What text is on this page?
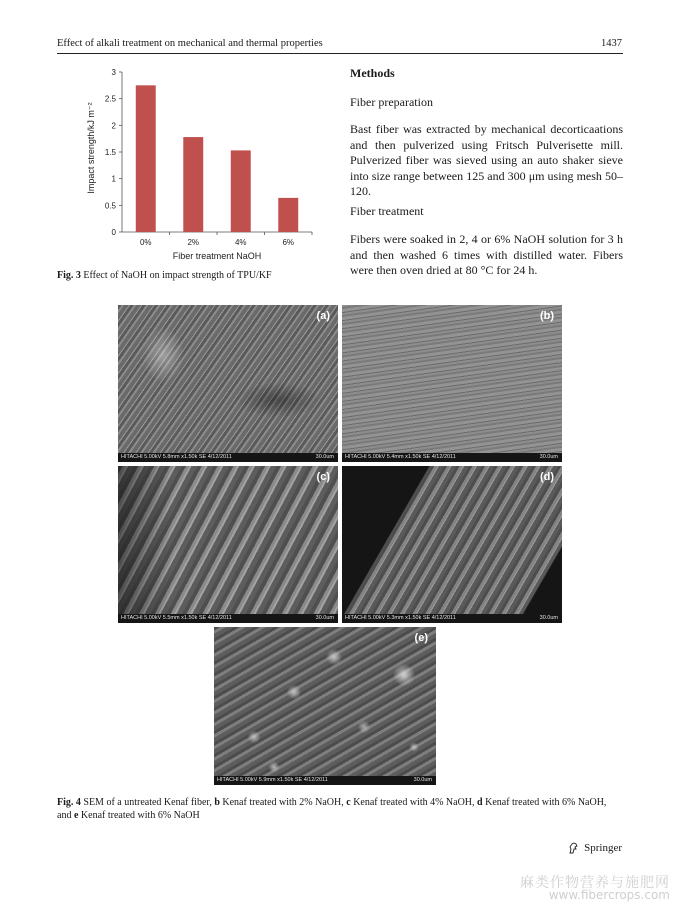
Effect of alkali treatment on mechanical and thermal properties	1437
0
0.5
1
1.5
2
2.5
3
0%	2%	4%	6%
Impact strength/kJ m⁻²
Fiber treatment NaOH
Fig. 3 Effect of NaOH on impact strength of TPU/KF
Methods
Fiber preparation
Bast fiber was extracted by mechanical decorticaations and then pulverized using Fritsch Pulverisette mill. Pulverized fiber was sieved using an auto shaker sieve into size range between 125 and 300 μm using mesh 50–120.
Fiber treatment
Fibers were soaked in 2, 4 or 6% NaOH solution for 3 h and then washed 6 times with distilled water. Fibers were then oven dried at 80 °C for 24 h.
(a)
HITACHI 5.00kV 5.8mm x1.50k SE 4/12/2011	30.0um
(b)
HITACHI 5.00kV 5.4mm x1.50k SE 4/12/2011	30.0um
(c)
HITACHI 5.00kV 5.5mm x1.50k SE 4/12/2011	30.0um
(d)
HITACHI 5.00kV 5.3mm x1.50k SE 4/12/2011	30.0um
(e)
HITACHI 5.00kV 5.9mm x1.50k SE 4/12/2011	30.0um
Fig. 4 SEM of a untreated Kenaf fiber, b Kenaf treated with 2% NaOH, c Kenaf treated with 4% NaOH, d Kenaf treated with 6% NaOH, and e Kenaf treated with 6% NaOH
Springer
麻类作物营养与施肥网
www.fibercrops.com
